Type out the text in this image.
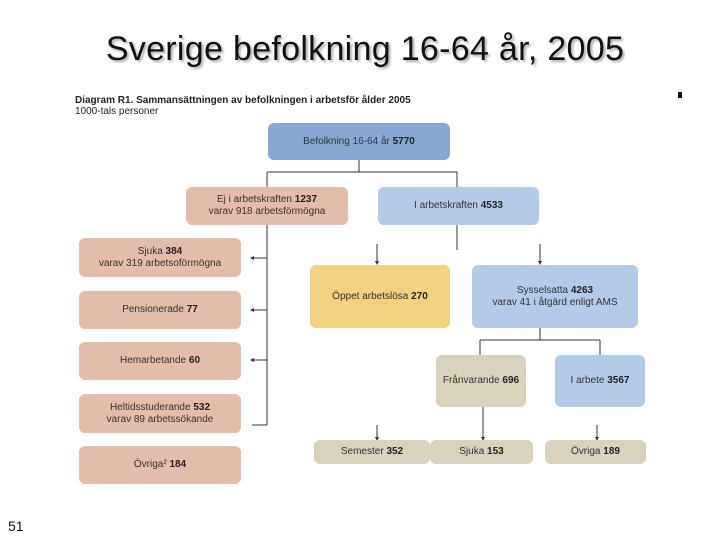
Sverige befolkning 16-64 år, 2005
Diagram R1. Sammansättningen av befolkningen i arbetsför ålder 2005
1000-tals personer
Befolkning 16-64 år 5770
Ej i arbetskraften 1237
varav 918 arbetsförmögna
I arbetskraften 4533
Sjuka 384
varav 319 arbetsoförmögna
Pensionerade 77
Hemarbetande 60
Heltidsstuderande 532
varav 89 arbetssökande
Övriga² 184
Öppet arbetslösa 270
Sysselsatta 4263
varav 41 i åtgärd enligt AMS
Frånvarande 696	I arbete 3567
Semester 352	Sjuka 153	Övriga 189
51
